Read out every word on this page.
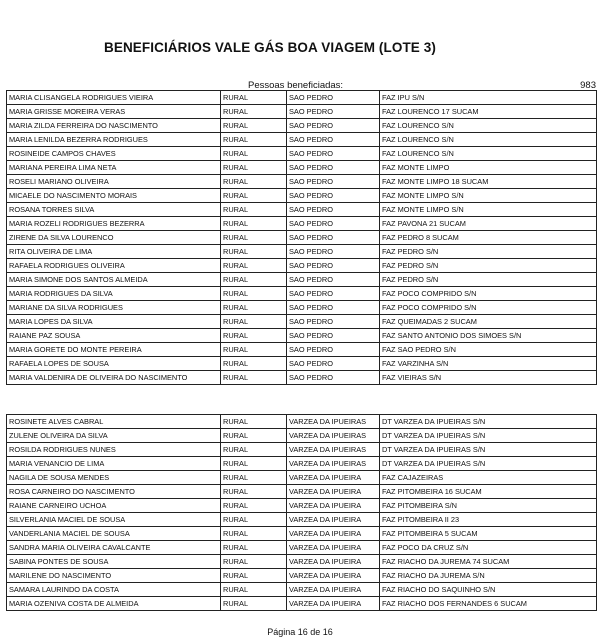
BENEFICIÁRIOS VALE GÁS BOA VIAGEM (LOTE 3)
Pessoas beneficiadas:	983
MARIA CLISANGELA RODRIGUES VIEIRA	RURAL	SAO PEDRO	FAZ IPU S/N
MARIA GRISSE MOREIRA VERAS	RURAL	SAO PEDRO	FAZ LOURENCO 17 SUCAM
MARIA ZILDA FERREIRA DO NASCIMENTO	RURAL	SAO PEDRO	FAZ LOURENCO S/N
MARIA LENILDA BEZERRA RODRIGUES	RURAL	SAO PEDRO	FAZ LOURENCO S/N
ROSINEIDE CAMPOS CHAVES	RURAL	SAO PEDRO	FAZ LOURENCO S/N
MARIANA PEREIRA LIMA NETA	RURAL	SAO PEDRO	FAZ MONTE LIMPO
ROSELI MARIANO OLIVEIRA	RURAL	SAO PEDRO	FAZ MONTE LIMPO 18 SUCAM
MICAELE DO NASCIMENTO MORAIS	RURAL	SAO PEDRO	FAZ MONTE LIMPO S/N
ROSANA TORRES SILVA	RURAL	SAO PEDRO	FAZ MONTE LIMPO S/N
MARIA ROZELI RODRIGUES BEZERRA	RURAL	SAO PEDRO	FAZ PAVONA 21 SUCAM
ZIRENE DA SILVA LOURENCO	RURAL	SAO PEDRO	FAZ PEDRO 8 SUCAM
RITA OLIVEIRA DE LIMA	RURAL	SAO PEDRO	FAZ PEDRO S/N
RAFAELA RODRIGUES OLIVEIRA	RURAL	SAO PEDRO	FAZ PEDRO S/N
MARIA SIMONE DOS SANTOS ALMEIDA	RURAL	SAO PEDRO	FAZ PEDRO S/N
MARIA RODRIGUES DA SILVA	RURAL	SAO PEDRO	FAZ POCO COMPRIDO S/N
MARIANE DA SILVA RODRIGUES	RURAL	SAO PEDRO	FAZ POCO COMPRIDO S/N
MARIA LOPES DA SILVA	RURAL	SAO PEDRO	FAZ QUEIMADAS 2 SUCAM
RAIANE PAZ SOUSA	RURAL	SAO PEDRO	FAZ SANTO ANTONIO DOS SIMOES S/N
MARIA GORETE DO MONTE PEREIRA	RURAL	SAO PEDRO	FAZ SAO PEDRO S/N
RAFAELA LOPES DE SOUSA	RURAL	SAO PEDRO	FAZ VARZINHA S/N
MARIA VALDENIRA DE OLIVEIRA DO NASCIMENTO	RURAL	SAO PEDRO	FAZ VIEIRAS S/N
ROSINETE ALVES CABRAL	RURAL	VARZEA DA IPUEIRAS	DT VARZEA DA IPUEIRAS S/N
ZULENE OLIVEIRA DA SILVA	RURAL	VARZEA DA IPUEIRAS	DT VARZEA DA IPUEIRAS S/N
ROSILDA RODRIGUES NUNES	RURAL	VARZEA DA IPUEIRAS	DT VARZEA DA IPUEIRAS S/N
MARIA VENANCIO DE LIMA	RURAL	VARZEA DA IPUEIRAS	DT VARZEA DA IPUEIRAS S/N
NAGILA DE SOUSA MENDES	RURAL	VARZEA DA IPUEIRA	FAZ CAJAZEIRAS
ROSA CARNEIRO DO NASCIMENTO	RURAL	VARZEA DA IPUEIRA	FAZ PITOMBEIRA 16 SUCAM
RAIANE CARNEIRO UCHOA	RURAL	VARZEA DA IPUEIRA	FAZ PITOMBEIRA S/N
SILVERLANIA MACIEL DE SOUSA	RURAL	VARZEA DA IPUEIRA	FAZ PITOMBEIRA II 23
VANDERLANIA MACIEL DE SOUSA	RURAL	VARZEA DA IPUEIRA	FAZ PITOMBEIRA 5 SUCAM
SANDRA MARIA OLIVEIRA CAVALCANTE	RURAL	VARZEA DA IPUEIRA	FAZ POCO DA CRUZ S/N
SABINA PONTES DE SOUSA	RURAL	VARZEA DA IPUEIRA	FAZ RIACHO DA JUREMA 74 SUCAM
MARILENE DO NASCIMENTO	RURAL	VARZEA DA IPUEIRA	FAZ RIACHO DA JUREMA S/N
SAMARA LAURINDO DA COSTA	RURAL	VARZEA DA IPUEIRA	FAZ RIACHO DO SAQUINHO S/N
MARIA OZENIVA COSTA DE ALMEIDA	RURAL	VARZEA DA IPUEIRA	FAZ RIACHO DOS FERNANDES 6 SUCAM
Página 16 de 16
